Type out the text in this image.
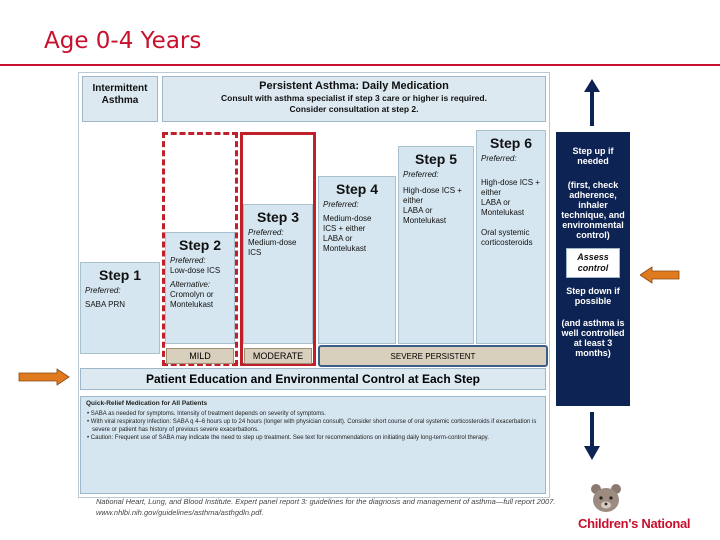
Age 0-4 Years
Intermittent Asthma
Persistent Asthma: Daily Medication
Consult with asthma specialist if step 3 care or higher is required.
Consider consultation at step 2.
Step 1
Preferred:
SABA PRN
Step 2
Preferred:
Low-dose ICS
Alternative:
Cromolyn or
Montelukast
Step 3
Preferred:
Medium-dose
ICS
Step 4
Preferred:
Medium-dose
ICS + either
LABA or
Montelukast
Step 5
Preferred:
High-dose ICS +
either
LABA or
Montelukast
Step 6
Preferred:
High-dose ICS +
either
LABA or
Montelukast
Oral systemic
corticosteroids
MILD	MODERATE	SEVERE PERSISTENT
Patient Education and Environmental Control at Each Step
Quick-Relief Medication for All Patients
• SABA as needed for symptoms. Intensity of treatment depends on severity of symptoms.
• With viral respiratory infection: SABA q 4–6 hours up to 24 hours (longer with physician consult). Consider short course of oral systemic corticosteroids if exacerbation is severe or patient has history of previous severe exacerbations.
• Caution: Frequent use of SABA may indicate the need to step up treatment. See text for recommendations on initiating daily long-term-control therapy.
Step up if needed
(first, check adherence, inhaler technique, and environmental control)
Assess control
Step down if possible
(and asthma is well controlled at least 3 months)
National Heart, Lung, and Blood Institute. Expert panel report 3: guidelines for the diagnosis and management of asthma—full report 2007. www.nhlbi.nih.gov/guidelines/asthma/asthgdln.pdf.
Children's National
